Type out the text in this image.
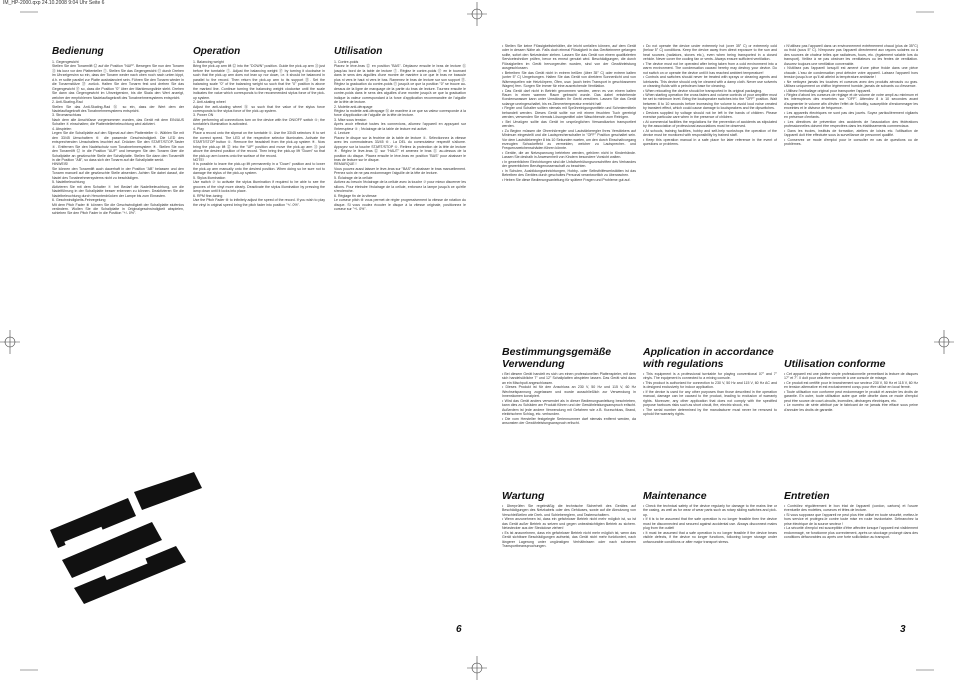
IM_HP-2000.qxp 24.10.2008 9:04 Uhr Seite 6
Bedienung

1. Gegengewicht
Stellen Sie den Tonarmlift ⑫ auf die Position "NUP". Bewegen Sie nun den Tonarm ⑪ bis kurz vor den Plattenteller ⑤. Stellen Sie das Gegengewicht ⑮ durch Drehen im Uhrzeigersinn so ein, dass der Tonarm weder nach oben noch nach unten kippt, d.h. er sollte parallel zur Platte ausbalanciert sein. Führen Sie den Tonarm wieder in die Tonarmstütze ⑬ zurück. Halten Sie den Tonarm fest und drehen Sie das Gegengewicht ⑮ so, dass die Position "0" über der Markierungslinie steht. Drehen Sie dann das Gegengewicht im Uhrzeigersinn, bis die Skala den Wert anzeigt, welcher der empfohlenen Nadelauflagekraft des Tonabnehmersystems entspricht.
2. Anti-Skating-Rad
Stellen Sie das Anti-Skating-Rad ⑭ so ein, dass der Wert dem der Nadelauflagekraft des Tonabnehmersystems entspricht.
3. Stromanschluss
Nach dem alle Anschlüsse vorgenommen wurden, das Gerät mit dem EIN/AUS Schalter ④ einschalten; die Plattentellerbeleuchtung wird aktiviert.
4. Abspielen
Legen Sie die Schallplatte auf den Slipmat auf dem Plattenteller ⑤. Wählen Sie mit den 33/45 Umschaltern ⑥ die passende Geschwindigkeit. Die LED des entsprechenden Umschalters leuchtet auf. Drücken Sie den START/STOP-Taster ⑤. Entfernen Sie den Nadelschutz vom Tonabnehmersystem ⑨. Stellen Sie nun den Tonarmlift ⑫ in die Position "AUF" und bewegen Sie den Tonarm über die Schallplatte an gewünschte Stelle der Schallplatte. Stellen Sie dann den Tonarmlift in die Position "AB", so dass sich der Tonarm auf die Schallplatte senkt.
HINWEIS!
Sie können den Tonarmlift auch dauerhaft in der Position "AB" belassen und den Tonarm manuell auf die gewünschte Stelle absenken. Achten Sie dabei darauf, die Nadel des Tonabnehmersystems nicht zu beschädigen.
5. Nadelbeleuchtung
Aktivieren Sie mit dem Schalter ⑦ bei Bedarf die Nadelbeleuchtung, um die Nadelführung in der Schallplatte besser erkennen zu können. Deaktivieren Sie die Nadelbeleuchtung durch Herunterdrücken der Lampe bis zum Einrasten.
6. Geschwindigkeits-Feinregelung
Mit dem Pitch Fader ⑧ können Sie die Geschwindigkeit der Schallplatte stufenlos verändern. Wollen Sie die Schallplatte in Originalgeschwindigkeit abspielen, schieben Sie den Pitch Fader in die Position "+/- 0%".

Operation

1. Balancing weight
Bring the pick-up arm lift ⑫ into the "DOWN" position. Guide the pick-up arm ⑪ just before the turntable ⑤. Adjust the balancing weight ⑮ by turning it clockwise in such that the pick-up arm does not lean up nor down, i.e. it should be balanced in parallel to the record. Then return the pick-up arm to its support ⑬. Set the balancing scale "0" of the balancing weight so such that the "0" position is above the marked line. Continue turning the balancing weight clockwise until the scale indicates the value which corresponds to the recommended stylus force of the pick-up system.
2. Anti-skating wheel
Adjust the anti-skating wheel ⑭ so such that the value of the stylus force corresponds to the stylus force of the pick-up system.
3. Power ON
After performing all connections turn on the device with the ON/OFF switch ④; the turntable's illumination is activated.
4. Play
Place a record onto the slipmat on the turntable ⑤. Use the 33/45 selectors ⑥ to set the correct speed. The LED of the respective selector illuminates. Activate the START/STOP button ⑤. Remove the headshell from the pick-up system ⑨. Now bring the pick-up lift ⑫ into the "UP" position and move the pick-up arm ⑪ just above the desired position of the record. Then bring the pick-up lift "Down" so that the pick-up arm lowers onto the surface of the record.
NOTE!
It is possible to leave the pick-up lift permanently in a "Down" position and to lower the pick-up arm manually onto the desired position. When doing so be sure not to damage the stylus of the pick-up system.
5. Stylus illumination
Use switch ⑦ to activate the stylus illumination if required to be able to see the grooves of the vinyl more clearly. Deactivate the stylus illumination by pressing the lamp down until it locks into place.
6. RPM fine-tuning
Use the Pitch Fader ⑧ to infinitely adjust the speed of the record. If you wish to play the vinyl in original speed bring the pitch fader into position "+/- 0%".

Utilisation

1. Contre-poids
Placez le lève-bras ⑫ en position "BAS". Déplacez ensuite le bras de lecture ⑪ jusqu'au bord de la table de lecture ⑤. Réglez le contre-poids ⑮ en le tournant dans le sens des aiguilles d'une montre de manière à ce que le bras ne bascule plus ni vers le haut ni vers le bas. Ramenez le bras de lecture sur son support ⑬. Réglez la graduation du contre-poids ⑮ jusqu'à ce que la position "0" se trouve au-dessus de la ligne de marquage de la partie du bras de lecture. Tournez ensuite le contre-poids dans le sens des aiguilles d'une montre jusqu'à ce que la graduation indique la valeur correspondant à la force d'application recommandée de l'aiguille de la tête de lecture.
2. Molette anti-dérapage
Réglez la molette anti-dérapage ⑭ de manière à ce que sa valeur corresponde à la force d'application de l'aiguille de la tête de lecture.
3. Mise sous tension
Après avoir effectué toutes les connexions, allumez l'appareil en appuyant sur l'interrupteur ④ ; l'éclairage de la table de lecture est activé.
4. Lecture
Placez le disque sur la feutrine de la table de lecture ⑤. Sélectionnez la vitesse avec les commutateurs 33/45 ⑥. La DEL du commutateur respectif s'allume. Appuyez sur la touche START/STOP ⑤. Retirez la protection de la tête de lecture ⑨. Réglez le lève-bras ⑫ sur "HAUT" et amenez le bras ⑪ au-dessus de la position du disque. Placez ensuite le lève-bras en position "BAS" pour abaisser le bras de lecture sur le disque.
REMARQUE !
Vous pouvez aussi laisser le lève-bras sur "BAS" et abaisser le bras manuellement. Prenez soin de ne pas endommager l'aiguille de la tête de lecture.
5. Éclairage de la cellule
Activez au besoin l'éclairage de la cellule avec la touche ⑦ pour mieux discerner les sillons. Pour éteindre l'éclairage de la cellule, enfoncez la lampe jusqu'à ce qu'elle s'enclenche.
6. Réglage fin de la vitesse
Le curseur pitch ⑧ vous permet de régler progressivement la vitesse de rotation du disque. Si vous voulez écouter le disque à la vitesse originale, positionnez le curseur sur "+/- 0%".

• Stellen Sie keine Flüssigkeitsbehälter, die leicht umfallen können, auf dem Gerät oder in dessen Nähe ab. Falls doch einmal Flüssigkeit in das Geräteinnere gelangen sollte, sofort den Netzstecker ziehen. Lassen Sie das Gerät von einem qualifizierten Servicetechniker prüfen, bevor es erneut genutzt wird. Beschädigungen, die durch Flüssigkeiten im Gerät hervorgerufen wurden, sind von der Gewährleistung ausgeschlossen.
• Betreiben Sie das Gerät nicht in extrem heißen (über 35° C) oder extrem kalten (unter 5° C) Umgebungen. Halten Sie das Gerät von direktem Sonnenlicht und von Wärmequellen wie Heizkörpern, Öfen, usw. (auch beim Transport in geschlossenen Wagen) fern. Sorgen Sie immer für eine ausreichende Ventilation.
• Das Gerät darf nicht in Betrieb genommen werden, wenn es von einem kalten Raum in einen warmen Raum gebracht wurde. Das dabei entstehende Kondenswasser kann unter Umständen Ihr Gerät zerstören. Lassen Sie das Gerät solange uneingeschaltet, bis es Zimmertemperatur erreicht hat!
• Regler und Schalter sollten niemals mit Sprühreinigungsmitteln und Schmiermitteln behandelt werden. Dieses Gerät sollte nur mit einem feuchten Tuch gereinigt werden, verwenden Sie niemals Lösungsmittel oder Waschbenzin zum Reinigen.
• Bei Umzügen sollte das Gerät im ursprünglichen Versandkarton transportiert werden.
• Zu Beginn müssen die Ohrenhörregler und Lautstärkeregler Ihres Verstärkers auf Minimum eingestellt und die Lautsprecherschalter in "OFF" Position geschaltet sein. Vor dem Lautstärkeregler 8 bis 10 Sekunden warten, um den durch Einschaltvorgang erzeugten Schockeffekt zu vermeiden, welcher zu Lautsprecher- und Frequenzweichenschäden führen könnte.
• Geräte, die an Netzspannung betrieben werden, gehören nicht in Kinderhände. Lassen Sie deshalb in Anwesenheit von Kindern besondere Vorsicht walten.
• In gewerblichen Einrichtungen sind die Unfallverhütungsvorschriften des Verbandes der gewerblichen Berufsgenossenschaft zu beachten.
• In Schulen, Ausbildungseinrichtungen, Hobby- oder Selbsthilfewerkstätten ist das Betreiben des Gerätes durch geschultes Personal verantwortlich zu überwachen.
• Heben Sie diese Bedienungsanleitung für spätere Fragen und Probleme gut auf.

• Do not operate the device under extremely hot (over 35° C) or extremely cold (below 5° C) conditions. Keep the device away from direct exposure to the sun and heat sources (radiators, stoves etc.), even when being transported in a closed vehicle. Never cover the cooling fan or vents. Always ensure sufficient ventilation.
• The device must not be operated after being taken from a cold environment into a warm environment. The condensation caused hereby may destroy your device. Do not switch on or operate the device until it has reached ambient temperature!
• Controls and switches should never be treated with sprays or cleaning agents and lubricants. This device should only be cleaned with a damp cloth. Never use solvents or cleaning fluids with a petroleum base for cleaning.
• When relocating the device should be transported in its original packaging.
• When starting operation the cross faders and volume controls of your amplifier must be set to minimum level. Bring the loudspeaker switches into the "OFF" position. Wait between 8 to 10 seconds before increasing the volume to avoid loud noise created by transient effect, which could cause damage to loudspeakers and the dipswitches.
• Devices supplied by voltage should not be left in the hands of children. Please exercise particular care when in the presence of children.
• At commercial facilities the regulations for the prevention of accidents as stipulated by the association of professional associations must be observed.
• At schools, training facilities, hobby and self-help workshops the operation of the device must be monitored with responsibility by trained staff.
• Keep this operation manual in a safe place for later reference in the event of questions or problems.

• N'utilisez pas l'appareil dans un environnement extrêmement chaud (plus de 35°C) ou froid (sous 5° C). N'exposez pas l'appareil directement aux rayons solaires ou à des sources de chaleur telles que radiateurs, fours, etc. (également valable lors du transport). Veillez à ne pas obstruer les ventilateurs ou les fentes de ventilation. Assurez toujours une ventilation convenable.
• N'utilisez pas l'appareil lorsqu'il est amené d'une pièce froide dans une pièce chaude. L'eau de condensation peut détruire votre appareil. Laissez l'appareil hors tension jusqu'à ce qu'il ait atteint la température ambiante !
• Ne nettoyez jamais les touches et curseurs avec des produits aérosols ou gras. Utilisez uniquement un chiffon légèrement humide, jamais de solvants ou d'essence.
• Utilisez l'emballage original pour transporter l'appareil.
• Réglez d'abord les curseurs de réglage et de volume de votre ampli au minimum et les interrupteurs des enceintes sur "OFF". Attendez 8 à 10 secondes avant d'augmenter le volume afin d'éviter l'effet de Schottky, susceptible d'endommager les enceintes et le diviseur de fréquence.
• Les appareils électriques ne sont pas des jouets. Soyez particulièrement vigilants en présence d'enfants.
• Les directives de prévention des accidents de l'association des fédérations professionnelles doivent être respectées dans les établissements commerciaux.
• Dans les écoles, instituts de formation, ateliers de loisirs etc. l'utilisation de l'appareil doit être effectuée sous la surveillance de personnel qualifié.
• Conservez ce mode d'emploi pour le consulter en cas de questions ou de problèmes.

Bestimmungsgemäße
Verwendung

• Bei diesem Gerät handelt es sich um einen professionellen Plattenspieler, mit dem sich handelsübliche 7" und 12" Schallplatten abspielen lassen. Das Gerät wird dazu an ein Mischpult angeschlossen.
• Dieses Produkt ist für den Anschluss an 230 V, 50 Hz und 115 V, 60 Hz Wechselspannung zugelassen und wurde ausschließlich zur Verwendung in Innenräumen konzipiert.
• Wird das Gerät anders verwendet als in dieser Bedienungsanleitung beschrieben, kann dies zu Schäden am Produkt führen und der Gewährleistungsanspruch erlischt. Außerdem ist jede andere Verwendung mit Gefahren wie z.B. Kurzschluss, Brand, elektrischem Schlag, etc. verbunden.
• Die vom Hersteller festgelegte Seriennummer darf niemals entfernt werden, da ansonsten der Gewährleistungsanspruch erlischt.

Application in accordance
with regulations

• This equipment is a professional turntable for playing conventional 07" and 7" vinyls. The equipment is connected to a mixing console.
• This product is authorized for connection to 230 V, 50 Hz and 115 V, 60 Hz AC and is designed exclusively for indoor application.
• If the device is used for any other purposes than those described in the operation manual, damage can be caused to the product, leading to exclusion of warranty rights. Moreover, any other application that does not comply with the specified purpose harbours risks such as short circuit, fire, electric shock, etc.
• The serial number determined by the manufacturer must never be removed to uphold the warranty rights.

Utilisation conforme

• Cet appareil est une platine vinyle professionnelle permettant la lecture de disques 17" et 7". Il doit pour cela être connecté à une console de mixage.
• Ce produit est certifié pour le branchement sur secteur 230 V, 50 Hz et 115 V, 60 Hz en tension alternative et est exclusivement conçu pour être utilisé en local fermé.
• Toute utilisation non conforme peut endommager le produit et annuler les droits de garantie. En outre, toute utilisation autre que celle décrite dans ce mode d'emploi peut être source de court-circuits, incendies, décharges électriques, etc.
• Le numéro de série attribué par le fabricant de ne jamais être effacé sous peine d'annuler les droits de garantie.

Wartung

• Überprüfen Sie regelmäßig die technische Sicherheit des Gerätes auf Beschädigungen des Netzkabels oder des Gehäuses, sowie auf die Abnutzung von Verschleißteilen wie Dreh- und Schiebereglern, und Tastenschaltern.
• Wenn anzunehmen ist, dass ein gefahrloser Betrieb nicht mehr möglich ist, so ist das Gerät außer Betrieb zu setzen und gegen unbeabsichtigten Betrieb zu sichern. Netzstecker aus der Steckdose ziehen!
• Es ist anzunehmen, dass ein gefahrloser Betrieb nicht mehr möglich ist, wenn das Gerät sichtbare Beschädigungen aufweist, das Gerät nicht mehr funktioniert, nach längerer Lagerung unter ungünstigen Verhältnissen oder nach schweren Transportbeanspruchungen.

Maintenance

• Check the technical safety of the device regularly for damage to the mains line or the casing, as well as for wear of wear parts such as rotary sliding switches and pick-up.
• If it is to be assumed that the safe operation is no longer feasible then the device must be disconnected and secured against accidental use. Always disconnect mains plug from the outlet!
• It must be assumed that a safe operation is no longer feasible if the device bears visible defects, if the device no longer functions, following longer storage under unfavourable conditions or after major transport stress.

Entretien

• Contrôlez régulièrement le bon état de l'appareil (cordon, cartons) et l'usure éventuelle des molettes, curseurs et têtes de lecture.
• Si vous supposez que l'appareil ne peut plus être utilisé en toute sécurité, mettez-le hors service et protégez-le contre toute mise en route involontaire. Débranchez la prise électrique de la source secteur !
• La sécurité d'emploi est susceptible d'être affectée lorsque l'appareil est visiblement endommagé, ne fonctionne plus correctement, après un stockage prolongé dans des conditions défavorables ou après une forte sollicitation au transport.

6	3
